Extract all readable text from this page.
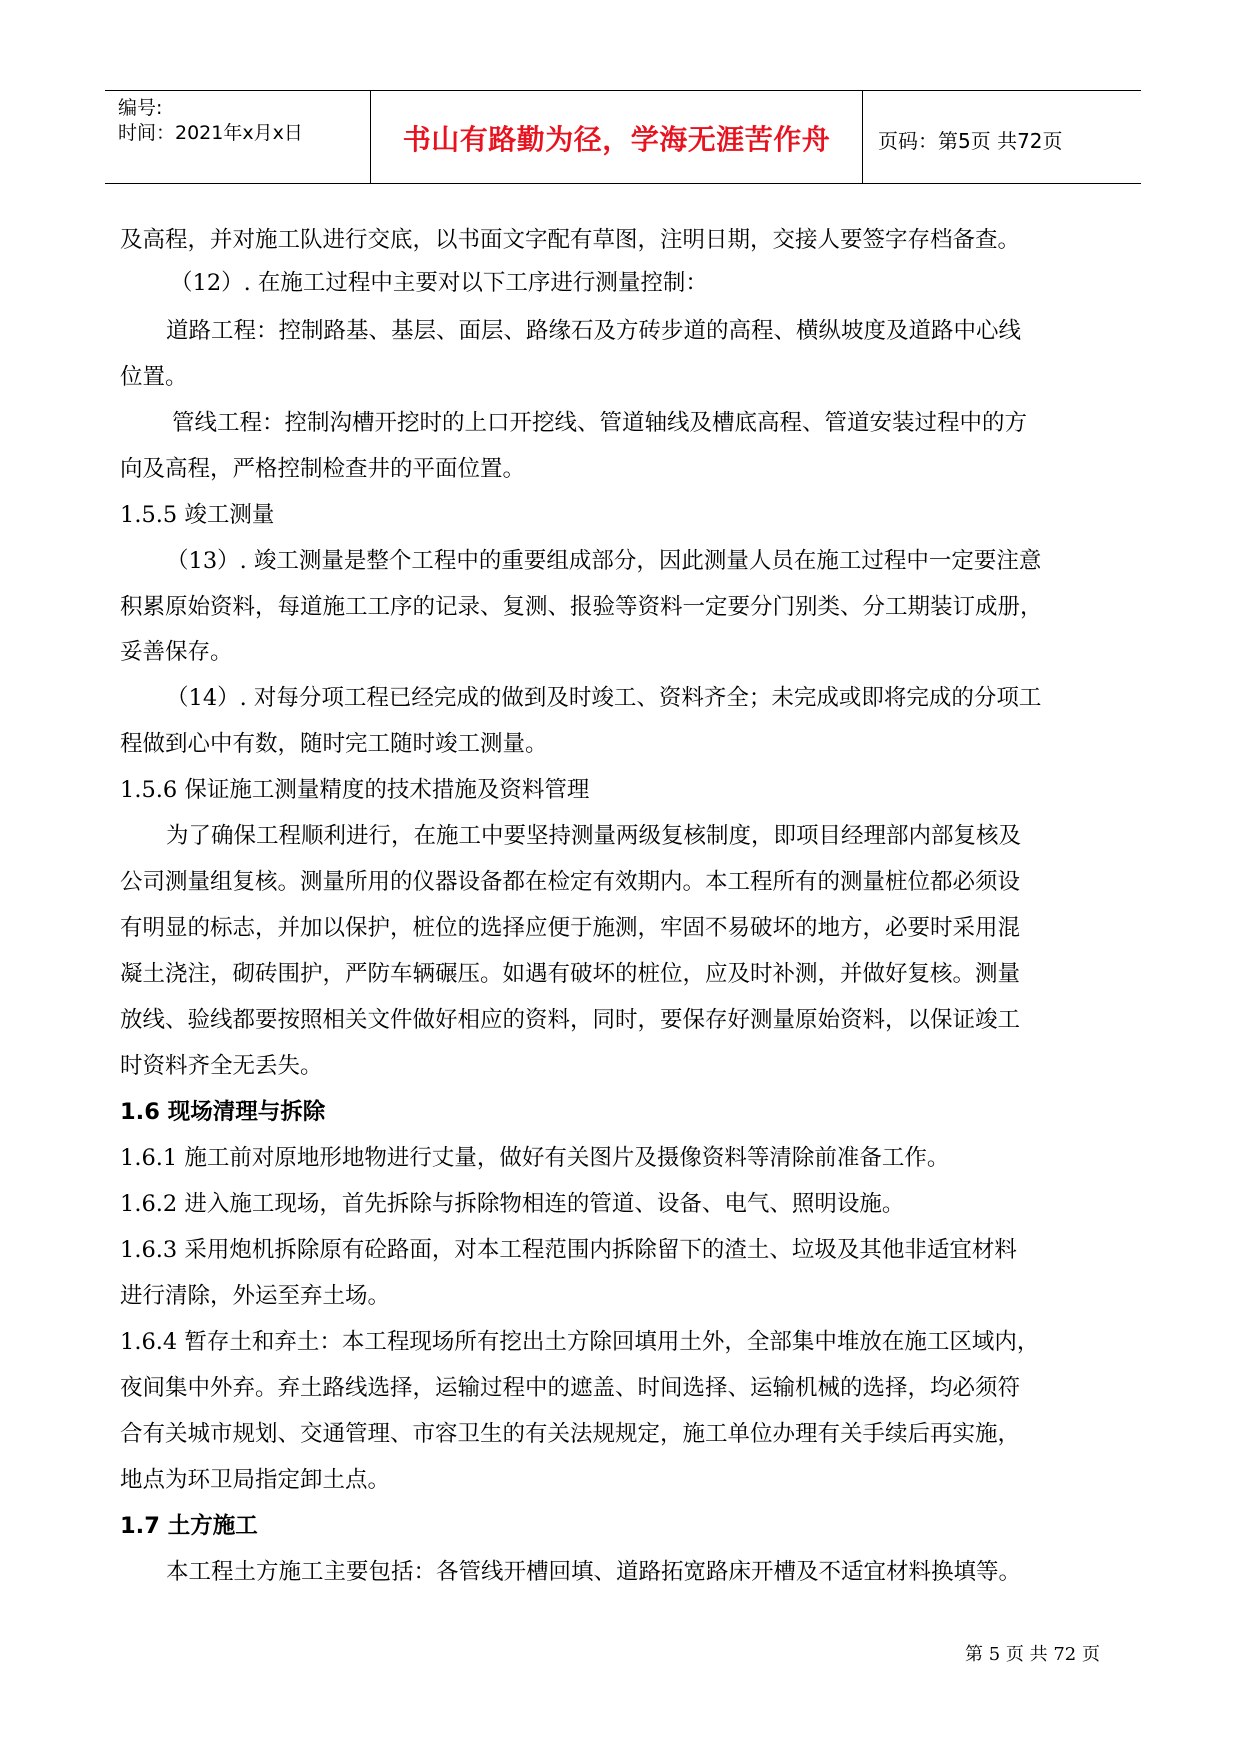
编号:
时间：2021年x月x日	书山有路勤为径，学海无涯苦作舟	页码：第5页 共72页
及高程，并对施工队进行交底，以书面文字配有草图，注明日期，交接人要签字存档备查。
（12）. 在施工过程中主要对以下工序进行测量控制：
道路工程：控制路基、基层、面层、路缘石及方砖步道的高程、横纵坡度及道路中心线
位置。
管线工程：控制沟槽开挖时的上口开挖线、管道轴线及槽底高程、管道安装过程中的方
向及高程，严格控制检查井的平面位置。
1.5.5 竣工测量
（13）. 竣工测量是整个工程中的重要组成部分，因此测量人员在施工过程中一定要注意
积累原始资料，每道施工工序的记录、复测、报验等资料一定要分门别类、分工期装订成册，
妥善保存。
（14）. 对每分项工程已经完成的做到及时竣工、资料齐全；未完成或即将完成的分项工
程做到心中有数，随时完工随时竣工测量。
1.5.6 保证施工测量精度的技术措施及资料管理
为了确保工程顺利进行，在施工中要坚持测量两级复核制度，即项目经理部内部复核及
公司测量组复核。测量所用的仪器设备都在检定有效期内。本工程所有的测量桩位都必须设
有明显的标志，并加以保护，桩位的选择应便于施测，牢固不易破坏的地方，必要时采用混
凝土浇注，砌砖围护，严防车辆碾压。如遇有破坏的桩位，应及时补测，并做好复核。测量
放线、验线都要按照相关文件做好相应的资料，同时，要保存好测量原始资料，以保证竣工
时资料齐全无丢失。
1.6 现场清理与拆除
1.6.1 施工前对原地形地物进行丈量，做好有关图片及摄像资料等清除前准备工作。
1.6.2 进入施工现场，首先拆除与拆除物相连的管道、设备、电气、照明设施。
1.6.3 采用炮机拆除原有砼路面，对本工程范围内拆除留下的渣土、垃圾及其他非适宜材料
进行清除，外运至弃土场。
1.6.4 暂存土和弃土：本工程现场所有挖出土方除回填用土外，全部集中堆放在施工区域内，
夜间集中外弃。弃土路线选择，运输过程中的遮盖、时间选择、运输机械的选择，均必须符
合有关城市规划、交通管理、市容卫生的有关法规规定，施工单位办理有关手续后再实施，
地点为环卫局指定卸土点。
1.7 土方施工
本工程土方施工主要包括：各管线开槽回填、道路拓宽路床开槽及不适宜材料换填等。
第 5 页 共 72 页
